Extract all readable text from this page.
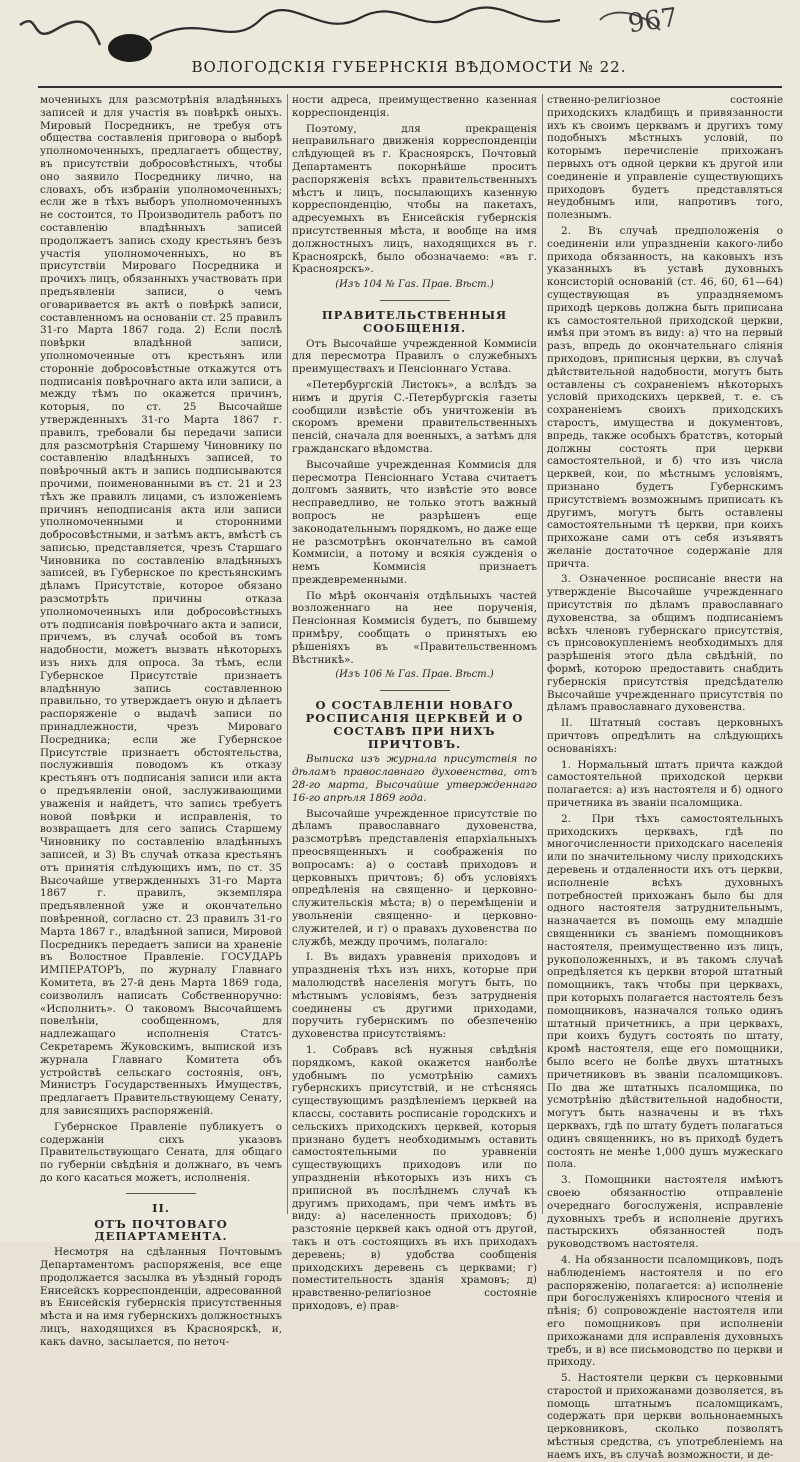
967
ВОЛОГОДСКІЯ ГУБЕРНСКІЯ ВѢДОМОСТИ № 22.

мочениыхъ для разсмотрѣнія владѣнныхъ записей и для участія въ повѣркѣ оныхъ. Мировый Посредникъ, не требуя отъ общества составленія приговора о выборѣ уполномоченныхъ, предлагаетъ обществу, въ присутствіи добросовѣстныхъ, чтобы оно заявило Посреднику лично, на словахъ, объ избраніи уполномоченныхъ; если же в тѣхъ выборъ уполномоченныхъ не состоится, то Производитель работъ по составленію владѣнныхъ записей продолжаетъ запись сходу крестьянъ безъ участія уполномоченныхъ, но въ присутствіи Мироваго Посредника и прочихъ лицъ, обязанныхъ участвовать при предъявленіи записи, о чемъ оговаривается въ актѣ о повѣркѣ записи, составленномъ на основаніи ст. 25 правилъ 31-го Марта 1867 года. 2) Если послѣ повѣрки владѣнной записи, уполномоченные отъ крестьянъ или сторонніе добросовѣстные откажутся отъ подписанія повѣрочнаго акта или записи, а между тѣмъ по окажется причинъ, которыя, по ст. 25 Высочайше утвержденныхъ 31-го Марта 1867 г. правилъ, требовали бы передачи записи для разсмотрѣнія Старшему Чиновнику по составленію владѣнныхъ записей, то повѣрочный актъ и запись подписываются прочими, поименованными въ ст. 21 и 23 тѣхъ же правилъ лицами, съ изложеніемъ причинъ неподписанія акта или записи уполномоченными и сторонними добросовѣстными, и затѣмъ актъ, вмѣстѣ съ записью, представляется, чрезъ Старшаго Чиновника по составленію владѣнныхъ записей, въ Губернское по крестьянскимъ дѣламъ Присутствіе, которое обязано разсмотрѣть причины отказа уполномоченныхъ или добросовѣстныхъ отъ подписанія повѣрочнаго акта и записи, причемъ, въ случаѣ особой въ томъ надобности, можетъ вызвать нѣкоторыхъ изъ нихъ для опроса. За тѣмъ, если Губернское Присутствіе признаетъ владѣнную запись составленною правильно, то утверждаетъ оную и дѣлаетъ распоряженіе о выдачѣ записи по принадлежности, чрезъ Мироваго Посредника; если же Губернское Присутствіе признаетъ обстоятельства, послужившія поводомъ къ отказу крестьянъ отъ подписанія записи или акта о предъявленіи оной, заслуживающими уваженія и найдетъ, что запись требуетъ новой повѣрки и исправленія, то возвращаетъ для сего запись Старшему Чиновнику по составленію владѣнныхъ записей, и 3) Въ случаѣ отказа крестьянъ отъ принятія слѣдующихъ имъ, по ст. 35 Высочайше утвержденныхъ 31-го Марта 1867 г. правилъ, экземпляра предъявленной уже и окончательно повѣренной, согласно ст. 23 правилъ 31-го Марта 1867 г., владѣнной записи, Мировой Посредникъ передаетъ записи на храненіе въ Волостное Правленіе. ГОСУДАРЬ ИМПЕРАТОРЪ, по журналу Главнаго Комитета, въ 27-й день Марта 1869 года, соизволилъ написать Собственноручно: «Исполнить». О таковомъ Высочайшемъ повелѣніи, сообщенномъ, для надлежащаго исполненія Статсъ-Секретаремъ Жуковскимъ, выпиской изъ журнала Главнаго Комитета объ устройствѣ сельскаго состоянія, онъ, Министръ Государственныхъ Имуществъ, предлагаетъ Правительствующему Сенату, для зависящихъ распоряженій.

Губернское Правленіе публикуетъ о содержаніи сихъ указовъ Правительствующаго Сената, для общаго по губерніи свѣдѣнія и должнаго, въ чемъ до кого касаться можетъ, исполненія.

II.

ОТЪ ПОЧТОВАГО ДЕПАРТАМЕНТА.

Несмотря на сдѣланныя Почтовымъ Департаментомъ распоряженія, все еще продолжается засылка въ уѣздный городъ Енисейскъ корреспонденціи, адресованной въ Енисейскія губернскія присутственныя мѣста и на имя губернскихъ должностныхъ лицъ, находящихся въ Красноярскѣ, и, какъ davно, засылается, по неточ-

ности адреса, преимущественно казенная корреспонденція.

Поэтому, для прекращенія неправильнаго движенія корреспонденціи слѣдующей въ г. Красноярскъ, Почтовый Департаментъ покорнѣйше проситъ распоряженія всѣхъ правительственныхъ мѣстъ и лицъ, посылающихъ казенную корреспонденцію, чтобы на пакетахъ, адресуемыхъ въ Енисейскія губернскія присутственныя мѣста, и вообще на имя должностныхъ лицъ, находящихся въ г. Красноярскѣ, было обозначаемо: «въ г. Красноярскъ».

(Изъ 104 № Гаs. Прав. Вѣст.)

ПРАВИТЕЛЬСТВЕННЫЯ СООБЩЕНІЯ.

Отъ Высочайше учрежденной Коммисіи для пересмотра Правилъ о служебныхъ преимуществахъ и Пенсіоннаго Устава.

«Петербургскій Листокъ», а вслѣдъ за нимъ и другія С.-Петербургскія газеты сообщили извѣстіе объ уничтоженіи въ скоромъ времени правительственныхъ пенсій, сначала для военныхъ, а затѣмъ для гражданскаго вѣдомства.

Высочайше учрежденная Коммисія для пересмотра Пенсіоннаго Устава считаетъ долгомъ заявить, что извѣстіе это вовсе несправедливо, не только этотъ важный вопросъ не разрѣшенъ еще законодательнымъ порядкомъ, но даже еще не разсмотрѣнъ окончательно въ самой Коммисіи, а потому и всякія сужденія о немъ Коммисія признаетъ преждевременными.

По мѣрѣ окончанія отдѣльныхъ частей возложеннаго на нее порученія, Пенсіонная Коммисія будетъ, по бывшему примѣру, сообщать о принятыхъ ею рѣшеніяхъ въ «Правительственномъ Вѣстникѣ».

(Изъ 106 № Гаs. Прав. Вѣст.)

О СОСТАВЛЕНІИ НОВАГО РОСПИСАНІЯ ЦЕРКВЕЙ И О СОСТАВѢ ПРИ НИХЪ ПРИЧТОВЪ.

Выписка изъ журнала присутствія по дѣламъ православнаго духовенства, отъ 28-го марта, Высочайше утвержденнаго 16-го апрѣля 1869 года.

Высочайше учрежденное присутствіе по дѣламъ православнаго духовенства, разсмотрѣвъ представленія епархіальныхъ преосвященныхъ и соображенія по вопросамъ: а) о составѣ приходовъ и церковныхъ причтовъ; б) объ условіяхъ опредѣленія на священно- и церковно-служительскія мѣста; в) о перемѣщеніи и увольненіи священно- и церковно-служителей, и г) о правахъ духовенства по службѣ, между прочимъ, полагало:

I. Въ видахъ уравненія приходовъ и упраздненія тѣхъ изъ нихъ, которые при малолюдствѣ населенія могутъ быть, по мѣстнымъ условіямъ, безъ затрудненія соединены съ другими приходами, поручить губернскимъ по обезпеченію духовенства присутствіямъ:

1. Собравъ всѣ нужныя свѣдѣнія порядкомъ, какой окажется наиболѣе удобнымъ по усмотрѣнію самихъ губернскихъ присутствій, и не стѣсняясь существующимъ раздѣленіемъ церквей на классы, составить росписаніе городскихъ и сельскихъ приходскихъ церквей, которыя признано будетъ необходимымъ оставить самостоятельными по уравненіи существующихъ приходовъ или по упраздненіи нѣкоторыхъ изъ нихъ съ приписной въ послѣднемъ случаѣ къ другимъ приходамъ, при чемъ имѣть въ виду: а) населенность приходовъ; б) разстояніе церквей какъ одной отъ другой, такъ и отъ состоящихъ въ ихъ приходахъ деревень; в) удобства сообщенія приходскихъ деревень съ церквами; г) поместительность зданія храмовъ; д) нравственно-религіозное состояніе приходовъ, е) прав-

ственно-религіозное состояніе приходскихъ кладбищъ и привязанности ихъ къ своимъ церквамъ и другихъ тому подобныхъ мѣстныхъ условій, по которымъ перечисленіе прихожанъ первыхъ отъ одной церкви къ другой или соединеніе и управленіе существующихъ приходовъ будетъ представляться неудобнымъ или, напротивъ того, полезнымъ.

2. Въ случаѣ предположенія о соединеніи или упраздненіи какого-либо прихода обязанность, на каковыхъ изъ указанныхъ въ уставѣ духовныхъ консисторій основаній (ст. 46, 60, 61—64) существующая въ упраздняемомъ приходѣ церковь должна быть приписана къ самостоятельной приходской церкви, имѣя при этомъ въ виду: а) что на первый разъ, впредь до окончательнаго сліянія приходовъ, приписныя церкви, въ случаѣ дѣйствительной надобности, могутъ быть оставлены съ сохраненіемъ нѣкоторыхъ условій приходскихъ церквей, т. е. съ сохраненіемъ своихъ приходскихъ старостъ, имущества и документовъ, впредь, также особыхъ братствъ, который должны состоять при церкви самостоятельной, и б) что изъ числа церквей, кои, по мѣстнымъ условіямъ, признано будетъ Губернскимъ присутствіемъ возможнымъ приписать къ другимъ, могутъ быть оставлены самостоятельными тѣ церкви, при коихъ прихожане сами отъ себя изъявятъ желаніе достаточное содержаніе для причта.

3. Означенное росписаніе внести на утвержденіе Высочайше учрежденнаго присутствія по дѣламъ православнаго духовенства, за общимъ подписаніемъ всѣхъ членовъ губернскаго присутствія, съ присовокупленіемъ необходимыхъ для разрѣшенія этого дѣла свѣдѣній, по формѣ, которою предоставить снабдить губернскія присутствія предсѣдателю Высочайше учрежденнаго присутствія по дѣламъ православнаго духовенства.

II. Штатный составъ церковныхъ причтовъ опредѣлить на слѣдующихъ основаніяхъ:

1. Нормальный штатъ причта каждой самостоятельной приходской церкви полагается: а) изъ настоятеля и б) одного причетника въ званіи псаломщика.

2. При тѣхъ самостоятельныхъ приходскихъ церквахъ, гдѣ по многочисленности приходскаго населенія или по значительному числу приходскихъ деревень и отдаленности ихъ отъ церкви, исполненіе всѣхъ духовныхъ потребностей прихожанъ было бы для одного настоятеля затруднительнымъ, назначается въ помощь ему младшіе священники съ званіемъ помощниковъ настоятеля, преимущественно изъ лицъ, рукоположенныхъ, и въ такомъ случаѣ опредѣляется къ церкви второй штатный помощникъ, такъ чтобы при церквахъ, при которыхъ полагается настоятель безъ помощниковъ, назначался только одинъ штатный причетникъ, а при церквахъ, при коихъ будутъ состоять по штату, кромѣ настоятеля, еще его помощники, было всего не болѣе двухъ штатныхъ причетниковъ въ званіи псаломщиковъ. По два же штатныхъ псаломщика, по усмотрѣнію дѣйствительной надобности, могутъ быть назначены и въ тѣхъ церквахъ, гдѣ по штату будетъ полагаться одинъ священникъ, но въ приходѣ будетъ состоять не менѣе 1,000 душъ мужескаго пола.

3. Помощники настоятеля имѣютъ своею обязанностію отправленіе очереднаго богослуженія, исправленіе духовныхъ требъ и исполненіе другихъ пастырскихъ обязанностей подъ руководствомъ настоятеля.

4. На обязанности псаломщиковъ, подъ наблюденіемъ настоятеля и по его распоряженію, полагается: а) исполненіе при богослуженіяхъ клиросного чтенія и пѣнія; б) сопровожденіе настоятеля или его помощниковъ при исполненіи прихожанами для исправленія духовныхъ требъ, и в) все письмоводство по церкви и приходу.

5. Настоятели церкви съ церковными старостой и прихожанами дозволяется, въ помощь штатнымъ псаломщикамъ, содержать при церкви вольнонаемныхъ церковниковъ, сколько позволятъ мѣстныя средства, съ употребленіемъ на наемъ ихъ, въ случаѣ возможности, и де-
